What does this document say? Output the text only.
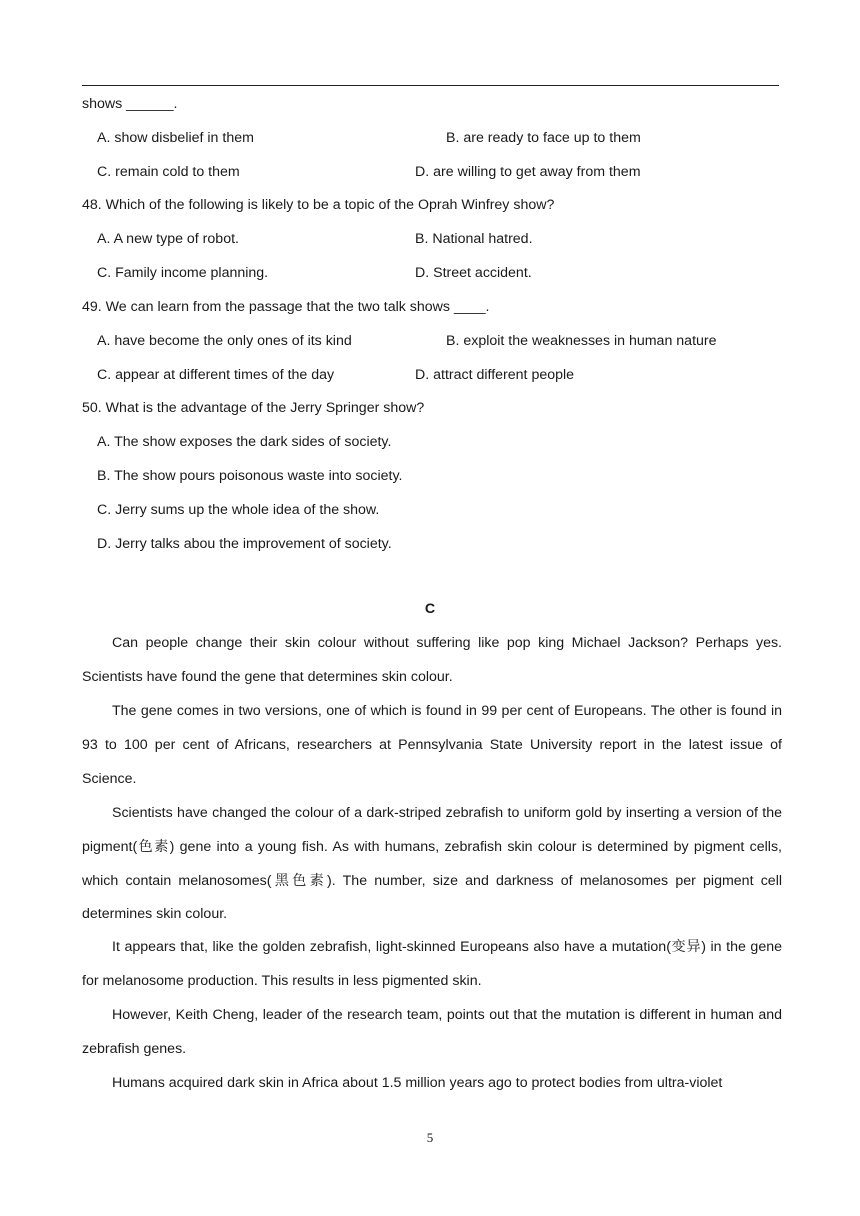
shows ______.
A. show disbelief in them	B. are ready to face up to them
C. remain cold to them	D. are willing to get away from them
48. Which of the following is likely to be a topic of the Oprah Winfrey show?
A. A new type of robot.	B. National hatred.
C. Family income planning.	D. Street accident.
49. We can learn from the passage that the two talk shows ____.
A. have become the only ones of its kind	B. exploit the weaknesses in human nature
C. appear at different times of the day	D. attract different people
50. What is the advantage of the Jerry Springer show?
A. The show exposes the dark sides of society.
B. The show pours poisonous waste into society.
C. Jerry sums up the whole idea of the show.
D. Jerry talks abou the improvement of society.
C
Can people change their skin colour without suffering like pop king Michael Jackson? Perhaps yes. Scientists have found the gene that determines skin colour.
The gene comes in two versions, one of which is found in 99 per cent of Europeans. The other is found in 93 to 100 per cent of Africans, researchers at Pennsylvania State University report in the latest issue of Science.
Scientists have changed the colour of a dark-striped zebrafish to uniform gold by inserting a version of the pigment(色素) gene into a young fish. As with humans, zebrafish skin colour is determined by pigment cells, which contain melanosomes(黑色素). The number, size and darkness of melanosomes per pigment cell determines skin colour.
It appears that, like the golden zebrafish, light-skinned Europeans also have a mutation(变异) in the gene for melanosome production. This results in less pigmented skin.
However, Keith Cheng, leader of the research team, points out that the mutation is different in human and zebrafish genes.
Humans acquired dark skin in Africa about 1.5 million years ago to protect bodies from ultra-violet
5
